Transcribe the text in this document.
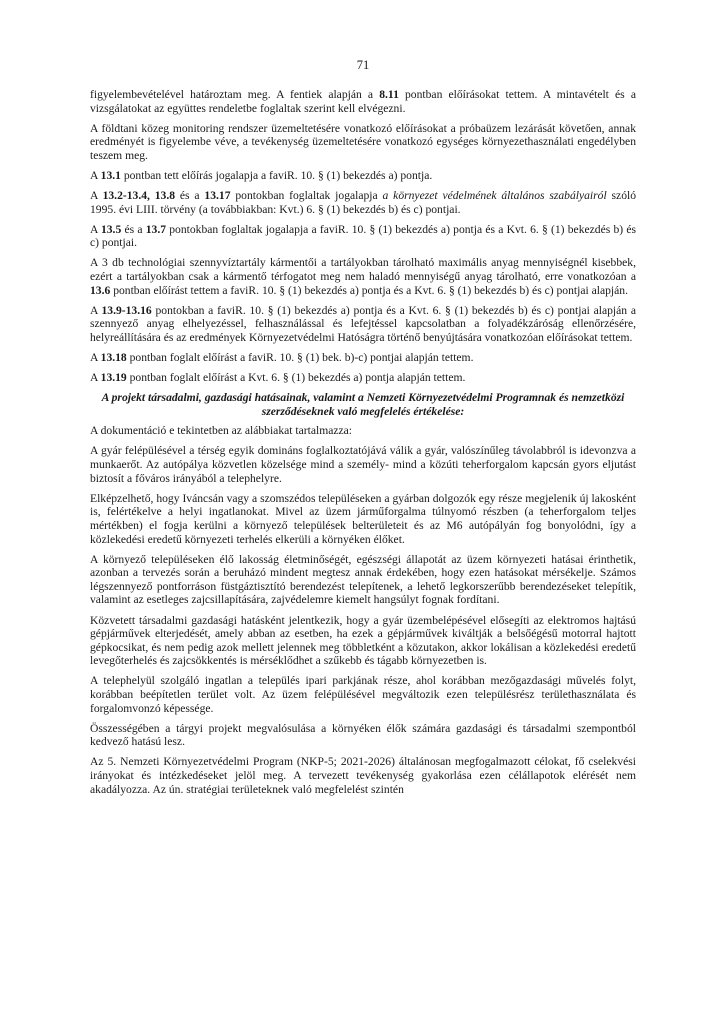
71

figyelembevételével határoztam meg. A fentiek alapján a 8.11 pontban előírásokat tettem. A mintavételt és a vizsgálatokat az együttes rendeletbe foglaltak szerint kell elvégezni.

A földtani közeg monitoring rendszer üzemeltetésére vonatkozó előírásokat a próbaüzem lezárását követően, annak eredményét is figyelembe véve, a tevékenység üzemeltetésére vonatkozó egységes környezethasználati engedélyben teszem meg.

A 13.1 pontban tett előírás jogalapja a faviR. 10. § (1) bekezdés a) pontja.

A 13.2-13.4, 13.8 és a 13.17 pontokban foglaltak jogalapja a környezet védelmének általános szabályairól szóló 1995. évi LIII. törvény (a továbbiakban: Kvt.) 6. § (1) bekezdés b) és c) pontjai.

A 13.5 és a 13.7 pontokban foglaltak jogalapja a faviR. 10. § (1) bekezdés a) pontja és a Kvt. 6. § (1) bekezdés b) és c) pontjai.

A 3 db technológiai szennyvíztartály kármentői a tartályokban tárolható maximális anyag mennyiségnél kisebbek, ezért a tartályokban csak a kármentő térfogatot meg nem haladó mennyiségű anyag tárolható, erre vonatkozóan a 13.6 pontban előírást tettem a faviR. 10. § (1) bekezdés a) pontja és a Kvt. 6. § (1) bekezdés b) és c) pontjai alapján.

A 13.9-13.16 pontokban a faviR. 10. § (1) bekezdés a) pontja és a Kvt. 6. § (1) bekezdés b) és c) pontjai alapján a szennyező anyag elhelyezéssel, felhasználással és lefejtéssel kapcsolatban a folyadékzáróság ellenőrzésére, helyreállítására és az eredmények Környezetvédelmi Hatóságra történő benyújtására vonatkozóan előírásokat tettem.

A 13.18 pontban foglalt előírást a faviR. 10. § (1) bek. b)-c) pontjai alapján tettem.

A 13.19 pontban foglalt előírást a Kvt. 6. § (1) bekezdés a) pontja alapján tettem.

A projekt társadalmi, gazdasági hatásainak, valamint a Nemzeti Környezetvédelmi Programnak és nemzetközi szerződéseknek való megfelelés értékelése:

A dokumentáció e tekintetben az alábbiakat tartalmazza:

A gyár felépülésével a térség egyik domináns foglalkoztatójává válik a gyár, valószínűleg távolabbról is idevonzva a munkaerőt. Az autópálya közvetlen közelsége mind a személy- mind a közúti teherforgalom kapcsán gyors eljutást biztosít a főváros irányából a telephelyre.

Elképzelhető, hogy Iváncsán vagy a szomszédos településeken a gyárban dolgozók egy része megjelenik új lakosként is, felértékelve a helyi ingatlanokat. Mivel az üzem járműforgalma túlnyomó részben (a teherforgalom teljes mértékben) el fogja kerülni a környező települések belterületeit és az M6 autópályán fog bonyolódni, így a közlekedési eredetű környezeti terhelés elkerüli a környéken élőket.

A környező településeken élő lakosság életminőségét, egészségi állapotát az üzem környezeti hatásai érinthetik, azonban a tervezés során a beruházó mindent megtesz annak érdekében, hogy ezen hatásokat mérsékelje. Számos légszennyező pontforráson füstgáztisztító berendezést telepítenek, a lehető legkorszerűbb berendezéseket telepítik, valamint az esetleges zajcsillapítására, zajvédelemre kiemelt hangsúlyt fognak fordítani.

Közvetett társadalmi gazdasági hatásként jelentkezik, hogy a gyár üzembelépésével elősegíti az elektromos hajtású gépjárművek elterjedését, amely abban az esetben, ha ezek a gépjárművek kiváltják a belsőégésű motorral hajtott gépkocsikat, és nem pedig azok mellett jelennek meg többletként a közutakon, akkor lokálisan a közlekedési eredetű levegőterhelés és zajcsökkentés is mérséklődhet a szűkebb és tágabb környezetben is.

A telephelyül szolgáló ingatlan a település ipari parkjának része, ahol korábban mezőgazdasági művelés folyt, korábban beépítetlen terület volt. Az üzem felépülésével megváltozik ezen településrész területhasználata és forgalomvonzó képessége.

Összességében a tárgyi projekt megvalósulása a környéken élők számára gazdasági és társadalmi szempontból kedvező hatású lesz.

Az 5. Nemzeti Környezetvédelmi Program (NKP-5; 2021-2026) általánosan megfogalmazott célokat, fő cselekvési irányokat és intézkedéseket jelöl meg. A tervezett tevékenység gyakorlása ezen célállapotok elérését nem akadályozza. Az ún. stratégiai területeknek való megfelelést szintén
